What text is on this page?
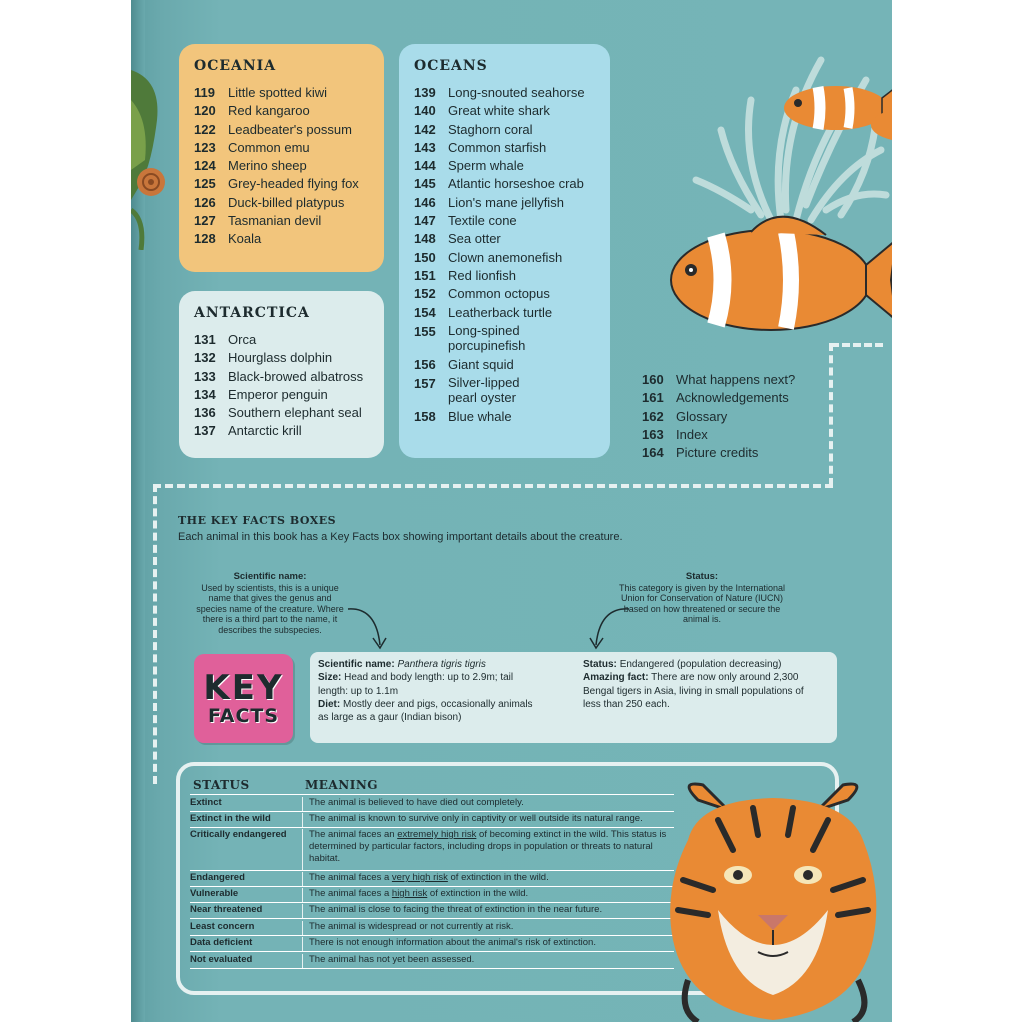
OCEANIA
119	Little spotted kiwi
120 Red kangaroo
122 Leadbeater's possum
123 Common emu
124 Merino sheep
125 Grey-headed flying fox
126 Duck-billed platypus
127 Tasmanian devil
128 Koala
ANTARCTICA
131 Orca
132 Hourglass dolphin
133 Black-browed albatross
134 Emperor penguin
136 Southern elephant seal
137 Antarctic krill
OCEANS
139 Long-snouted seahorse
140 Great white shark
142 Staghorn coral
143 Common starfish
144 Sperm whale
145 Atlantic horseshoe crab
146 Lion's mane jellyfish
147 Textile cone
148 Sea otter
150 Clown anemonefish
151 Red lionfish
152 Common octopus
154 Leatherback turtle
155 Long-spined porcupinefish
156 Giant squid
157 Silver-lipped pearl oyster
158 Blue whale
160 What happens next?
161 Acknowledgements
162 Glossary
163 Index
164 Picture credits
THE KEY FACTS BOXES
Each animal in this book has a Key Facts box showing important details about the creature.
Scientific name:
Used by scientists, this is a unique name that gives the genus and species name of the creature. Where there is a third part to the name, it describes the subspecies.
Status:
This category is given by the International Union for Conservation of Nature (IUCN) based on how threatened or secure the animal is.
KEY
FACTS
Scientific name: Panthera tigris tigris
Size: Head and body length: up to 2.9m; tail length: up to 1.1m
Diet: Mostly deer and pigs, occasionally animals as large as a gaur (Indian bison)
Status: Endangered (population decreasing)
Amazing fact: There are now only around 2,300 Bengal tigers in Asia, living in small populations of less than 250 each.
STATUS	MEANING
Extinct	The animal is believed to have died out completely.
Extinct in the wild	The animal is known to survive only in captivity or well outside its natural range.
Critically endangered	The animal faces an extremely high risk of becoming extinct in the wild. This status is determined by particular factors, including drops in population or threats to natural habitat.
Endangered	The animal faces a very high risk of extinction in the wild.
Vulnerable	The animal faces a high risk of extinction in the wild.
Near threatened	The animal is close to facing the threat of extinction in the near future.
Least concern	The animal is widespread or not currently at risk.
Data deficient	There is not enough information about the animal's risk of extinction.
Not evaluated	The animal has not yet been assessed.
